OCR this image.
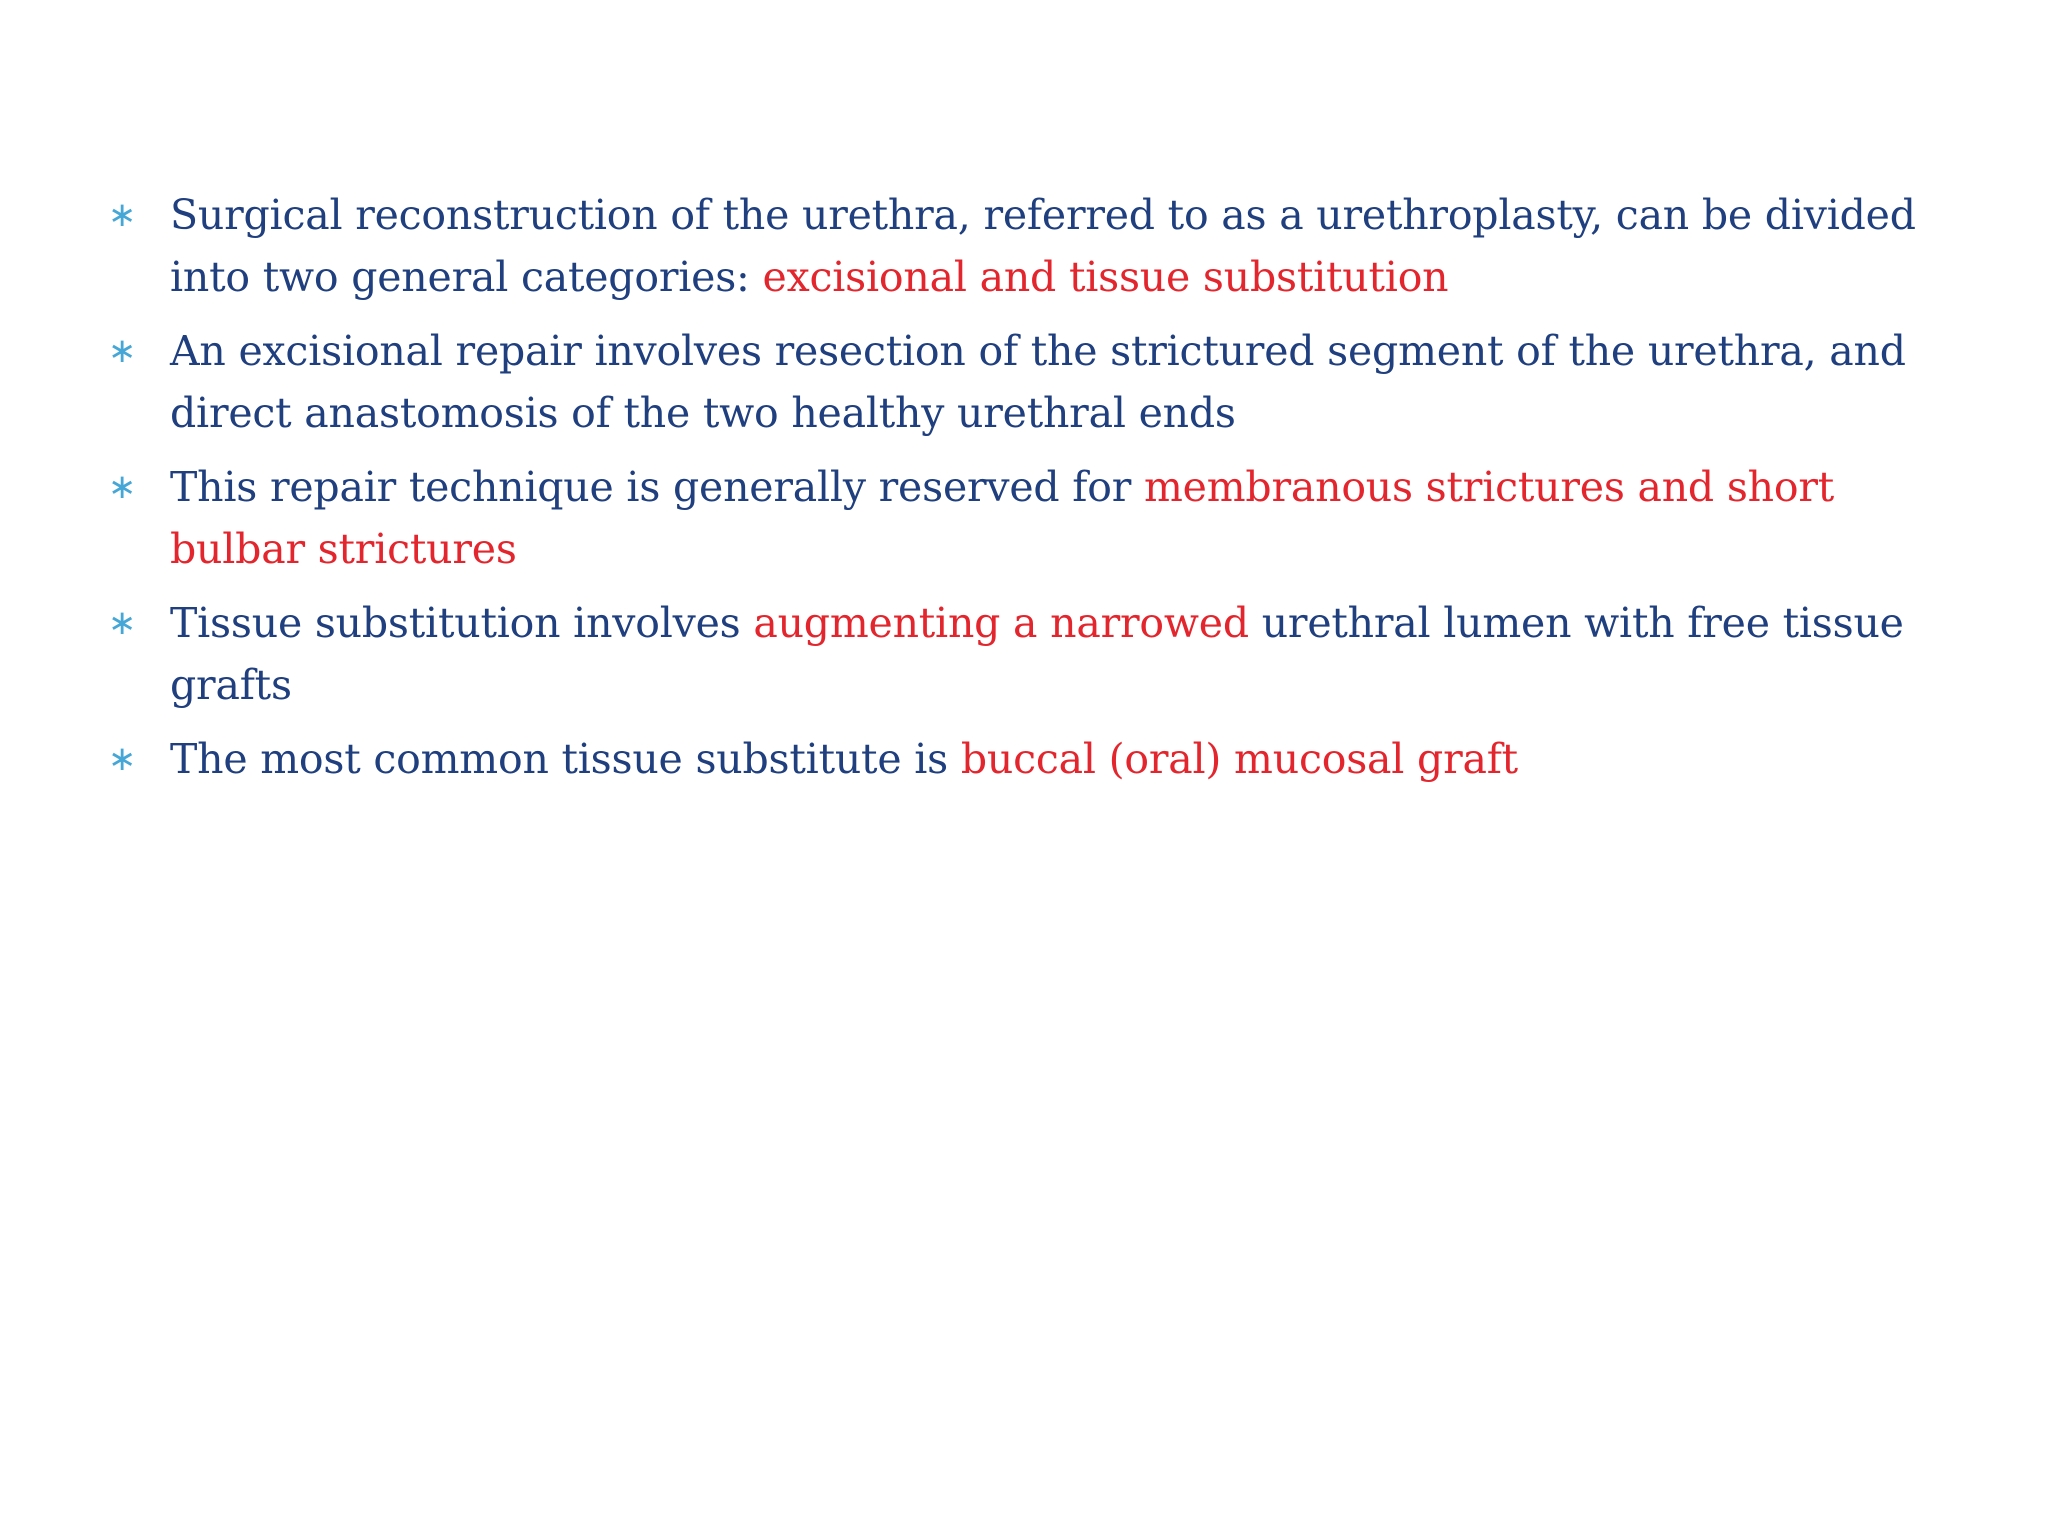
∗ Surgical reconstruction of the urethra, referred to as a urethroplasty, can be divided into two general categories: excisional and tissue substitution
∗ An excisional repair involves resection of the strictured segment of the urethra, and direct anastomosis of the two healthy urethral ends
∗ This repair technique is generally reserved for membranous strictures and short bulbar strictures
∗ Tissue substitution involves augmenting a narrowed urethral lumen with free tissue grafts
∗ The most common tissue substitute is buccal (oral) mucosal graft
